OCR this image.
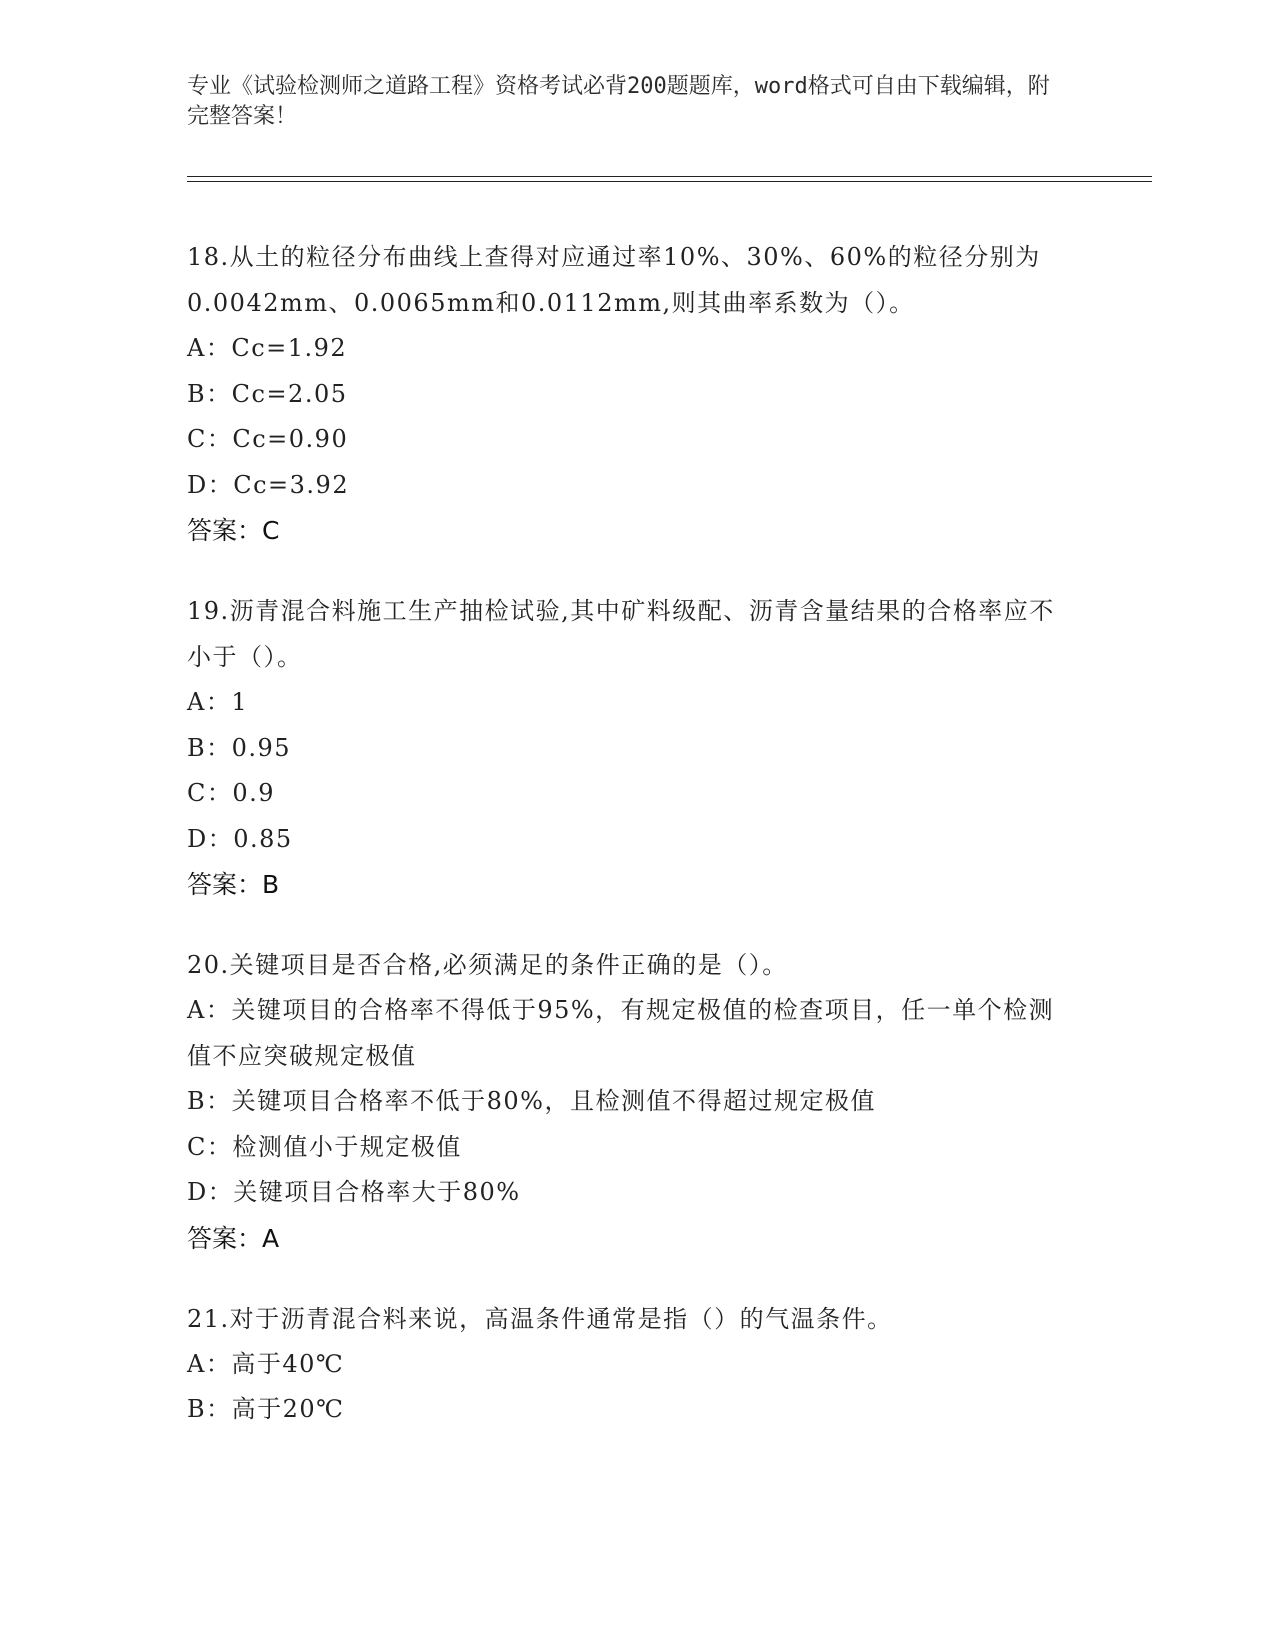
专业《试验检测师之道路工程》资格考试必背200题题库，word格式可自由下载编辑，附完整答案！
18.从土的粒径分布曲线上查得对应通过率10%、30%、60%的粒径分别为0.0042mm、0.0065mm和0.0112mm,则其曲率系数为（）。
A：Cc=1.92
B：Cc=2.05
C：Cc=0.90
D：Cc=3.92
答案：C
19.沥青混合料施工生产抽检试验,其中矿料级配、沥青含量结果的合格率应不小于（）。
A：1
B：0.95
C：0.9
D：0.85
答案：B
20.关键项目是否合格,必须满足的条件正确的是（）。
A：关键项目的合格率不得低于95%，有规定极值的检查项目，任一单个检测值不应突破规定极值
B：关键项目合格率不低于80%，且检测值不得超过规定极值
C：检测值小于规定极值
D：关键项目合格率大于80%
答案：A
21.对于沥青混合料来说，高温条件通常是指（）的气温条件。
A：高于40℃
B：高于20℃
